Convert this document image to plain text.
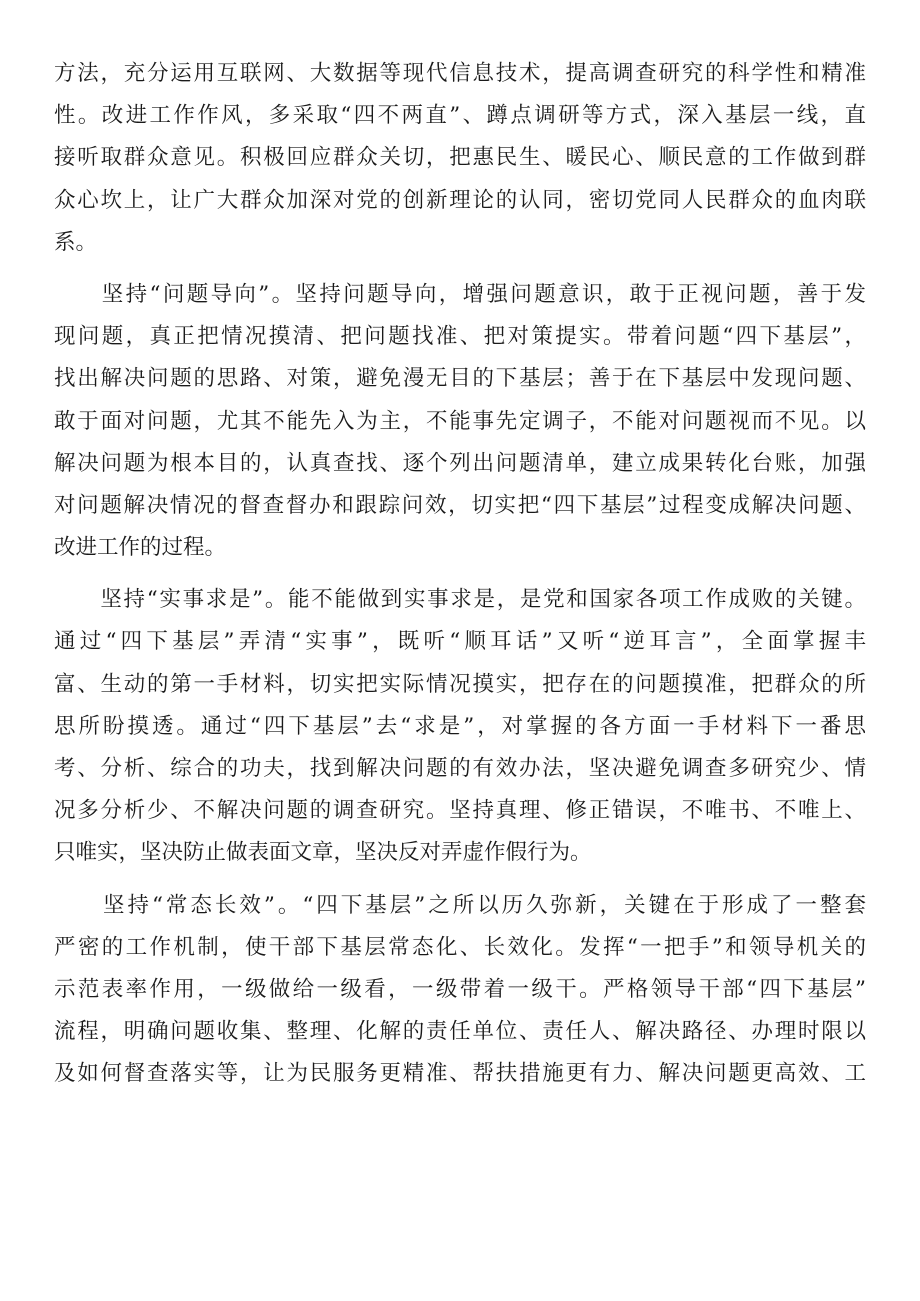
方法，充分运用互联网、大数据等现代信息技术，提高调查研究的科学性和精准
性。改进工作作风，多采取“四不两直”、蹲点调研等方式，深入基层一线，直
接听取群众意见。积极回应群众关切，把惠民生、暖民心、顺民意的工作做到群
众心坎上，让广大群众加深对党的创新理论的认同，密切党同人民群众的血肉联
系。
　　坚持“问题导向”。坚持问题导向，增强问题意识，敢于正视问题，善于发
现问题，真正把情况摸清、把问题找准、把对策提实。带着问题“四下基层”，
找出解决问题的思路、对策，避免漫无目的下基层；善于在下基层中发现问题、
敢于面对问题，尤其不能先入为主，不能事先定调子，不能对问题视而不见。以
解决问题为根本目的，认真查找、逐个列出问题清单，建立成果转化台账，加强
对问题解决情况的督查督办和跟踪问效，切实把“四下基层”过程变成解决问题、
改进工作的过程。
　　坚持“实事求是”。能不能做到实事求是，是党和国家各项工作成败的关键。
通过“四下基层”弄清“实事”，既听“顺耳话”又听“逆耳言”，全面掌握丰
富、生动的第一手材料，切实把实际情况摸实，把存在的问题摸准，把群众的所
思所盼摸透。通过“四下基层”去“求是”，对掌握的各方面一手材料下一番思
考、分析、综合的功夫，找到解决问题的有效办法，坚决避免调查多研究少、情
况多分析少、不解决问题的调查研究。坚持真理、修正错误，不唯书、不唯上、
只唯实，坚决防止做表面文章，坚决反对弄虚作假行为。
　　坚持“常态长效”。“四下基层”之所以历久弥新，关键在于形成了一整套
严密的工作机制，使干部下基层常态化、长效化。发挥“一把手”和领导机关的
示范表率作用，一级做给一级看，一级带着一级干。严格领导干部“四下基层”
流程，明确问题收集、整理、化解的责任单位、责任人、解决路径、办理时限以
及如何督查落实等，让为民服务更精准、帮扶措施更有力、解决问题更高效、工
